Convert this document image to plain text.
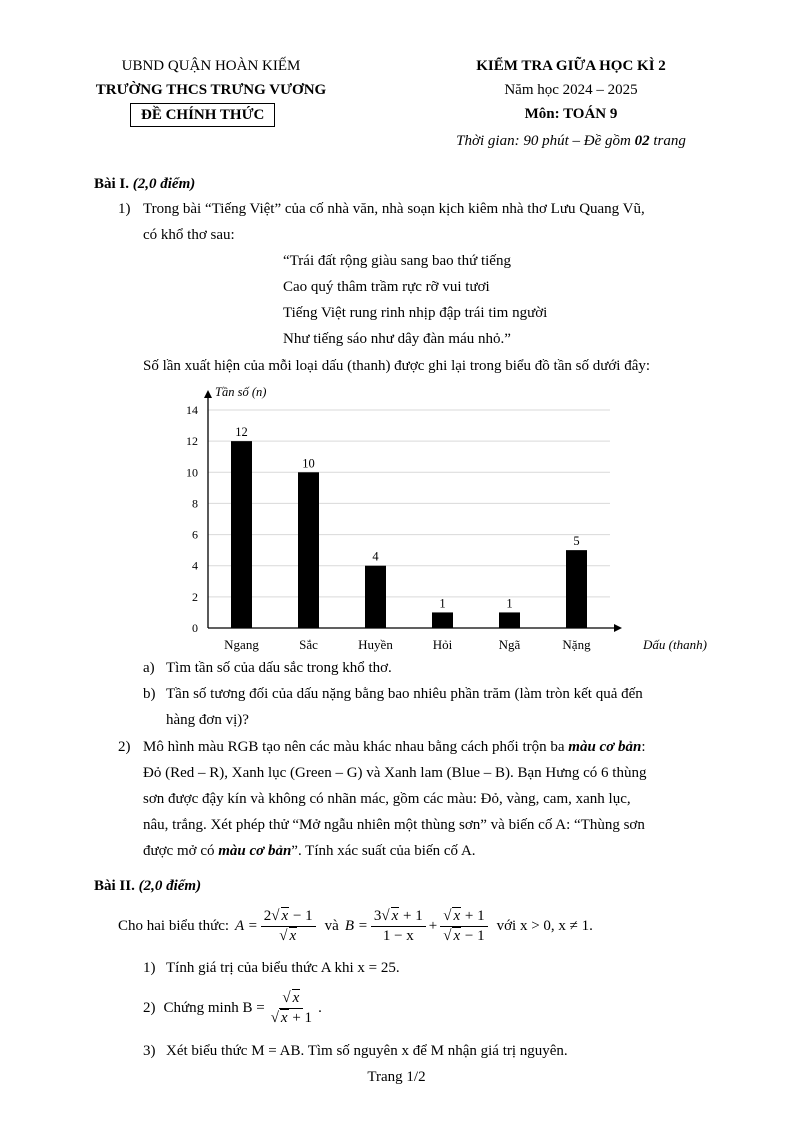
UBND QUẬN HOÀN KIẾM
TRƯỜNG THCS TRƯNG VƯƠNG
ĐỀ CHÍNH THỨC
KIỂM TRA GIỮA HỌC KÌ 2
Năm học 2024 – 2025
Môn: TOÁN 9
Thời gian: 90 phút – Đề gồm 02 trang
Bài I. (2,0 điểm)
1) Trong bài “Tiếng Việt” của cố nhà văn, nhà soạn kịch kiêm nhà thơ Lưu Quang Vũ,
có khổ thơ sau:
“Trái đất rộng giàu sang bao thứ tiếng
Cao quý thâm trầm rực rỡ vui tươi
Tiếng Việt rung rinh nhịp đập trái tim người
Như tiếng sáo như dây đàn máu nhỏ.”
Số lần xuất hiện của mỗi loại dấu (thanh) được ghi lại trong biểu đồ tần số dưới đây:
0
2
4
6
8
10
12
14
Tần số (n)
Dấu (thanh)
12
Ngang
10
Sắc
4
Huyền
1
Hỏi
1
Ngã
5
Nặng
a) Tìm tần số của dấu sắc trong khổ thơ.
b) Tần số tương đối của dấu nặng bằng bao nhiêu phần trăm (làm tròn kết quả đến
hàng đơn vị)?
2) Mô hình màu RGB tạo nên các màu khác nhau bằng cách phối trộn ba màu cơ bản:
Đỏ (Red – R), Xanh lục (Green – G) và Xanh lam (Blue – B). Bạn Hưng có 6 thùng
sơn được đậy kín và không có nhãn mác, gồm các màu: Đỏ, vàng, cam, xanh lục,
nâu, trắng. Xét phép thử “Mở ngẫu nhiên một thùng sơn” và biến cố A: “Thùng sơn
được mở có màu cơ bản”. Tính xác suất của biến cố A.
Bài II. (2,0 điểm)
Cho hai biểu thức: $A = \frac{2√ x - 1}{√ x}$ và $B = \frac{3√ x + 1}{1 - x} + \frac{√ x + 1}{√ x - 1}$ với x > 0, x ≠ 1.
1) Tính giá trị của biểu thức A khi x = 25.
2) Chứng minh $B = \frac{√ x}{√ x + 1}$ .
3) Xét biểu thức M = AB. Tìm số nguyên x để M nhận giá trị nguyên.
Trang 1/2
